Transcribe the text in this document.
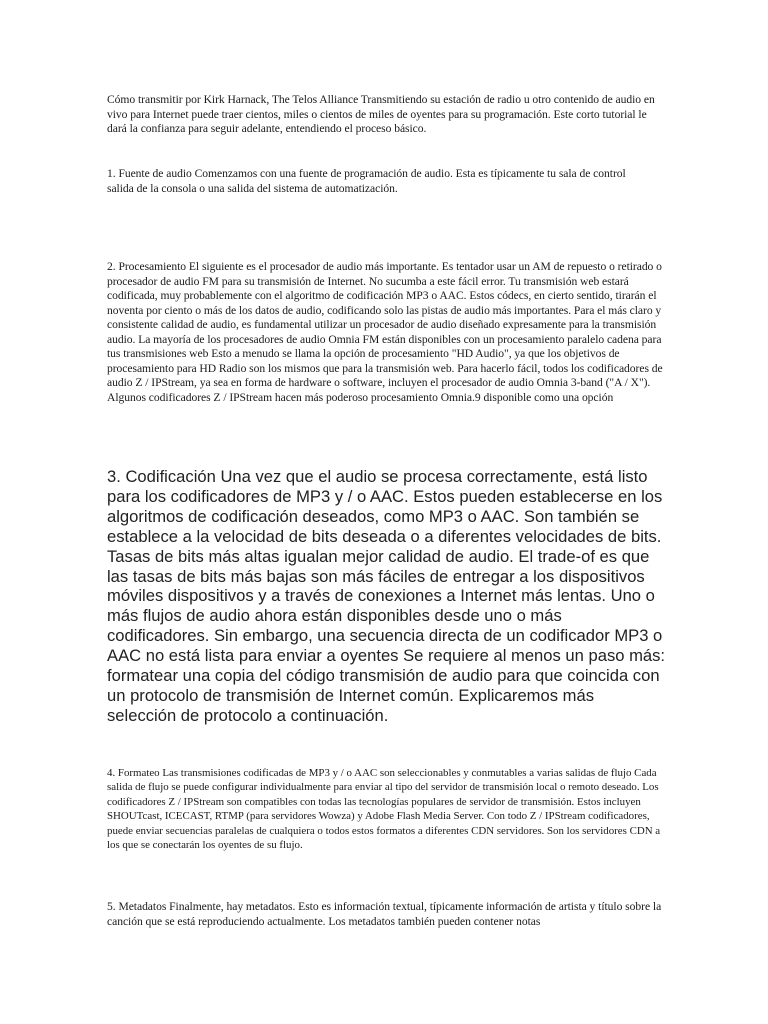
Cómo transmitir por Kirk Harnack, The Telos Alliance Transmitiendo su estación de radio u otro contenido de audio en vivo para Internet puede traer cientos, miles o cientos de miles de oyentes para su programación. Este corto tutorial le dará la confianza para seguir adelante, entendiendo el proceso básico.

1. Fuente de audio Comenzamos con una fuente de programación de audio. Esta es típicamente tu sala de control salida de la consola o una salida del sistema de automatización.

2. Procesamiento El siguiente es el procesador de audio más importante. Es tentador usar un AM de repuesto o retirado o procesador de audio FM para su transmisión de Internet. No sucumba a este fácil error. Tu transmisión web estará codificada, muy probablemente con el algoritmo de codificación MP3 o AAC. Estos códecs, en cierto sentido, tirarán el noventa por ciento o más de los datos de audio, codificando solo las pistas de audio más importantes. Para el más claro y consistente calidad de audio, es fundamental utilizar un procesador de audio diseñado expresamente para la transmisión audio. La mayoría de los procesadores de audio Omnia FM están disponibles con un procesamiento paralelo cadena para tus transmisiones web Esto a menudo se llama la opción de procesamiento "HD Audio", ya que los objetivos de procesamiento para HD Radio son los mismos que para la transmisión web. Para hacerlo fácil, todos los codificadores de audio Z / IPStream, ya sea en forma de hardware o software, incluyen el procesador de audio Omnia 3-band ("A / X"). Algunos codificadores Z / IPStream hacen más poderoso procesamiento Omnia.9 disponible como una opción

3. Codificación Una vez que el audio se procesa correctamente, está listo para los codificadores de MP3 y / o AAC. Estos pueden establecerse en los algoritmos de codificación deseados, como MP3 o AAC. Son también se establece a la velocidad de bits deseada o a diferentes velocidades de bits. Tasas de bits más altas igualan mejor calidad de audio. El trade-of es que las tasas de bits más bajas son más fáciles de entregar a los dispositivos móviles dispositivos y a través de conexiones a Internet más lentas. Uno o más flujos de audio ahora están disponibles desde uno o más codificadores. Sin embargo, una secuencia directa de un codificador MP3 o AAC no está lista para enviar a oyentes Se requiere al menos un paso más: formatear una copia del código transmisión de audio para que coincida con un protocolo de transmisión de Internet común. Explicaremos más selección de protocolo a continuación.

4. Formateo Las transmisiones codificadas de MP3 y / o AAC son seleccionables y conmutables a varias salidas de flujo Cada salida de flujo se puede configurar individualmente para enviar al tipo del servidor de transmisión local o remoto deseado. Los codificadores Z / IPStream son compatibles con todas las tecnologías populares de servidor de transmisión. Estos incluyen SHOUTcast, ICECAST, RTMP (para servidores Wowza) y Adobe Flash Media Server. Con todo Z / IPStream codificadores, puede enviar secuencias paralelas de cualquiera o todos estos formatos a diferentes CDN servidores. Son los servidores CDN a los que se conectarán los oyentes de su flujo.

5. Metadatos Finalmente, hay metadatos. Esto es información textual, típicamente información de artista y título sobre la canción que se está reproduciendo actualmente. Los metadatos también pueden contener notas
